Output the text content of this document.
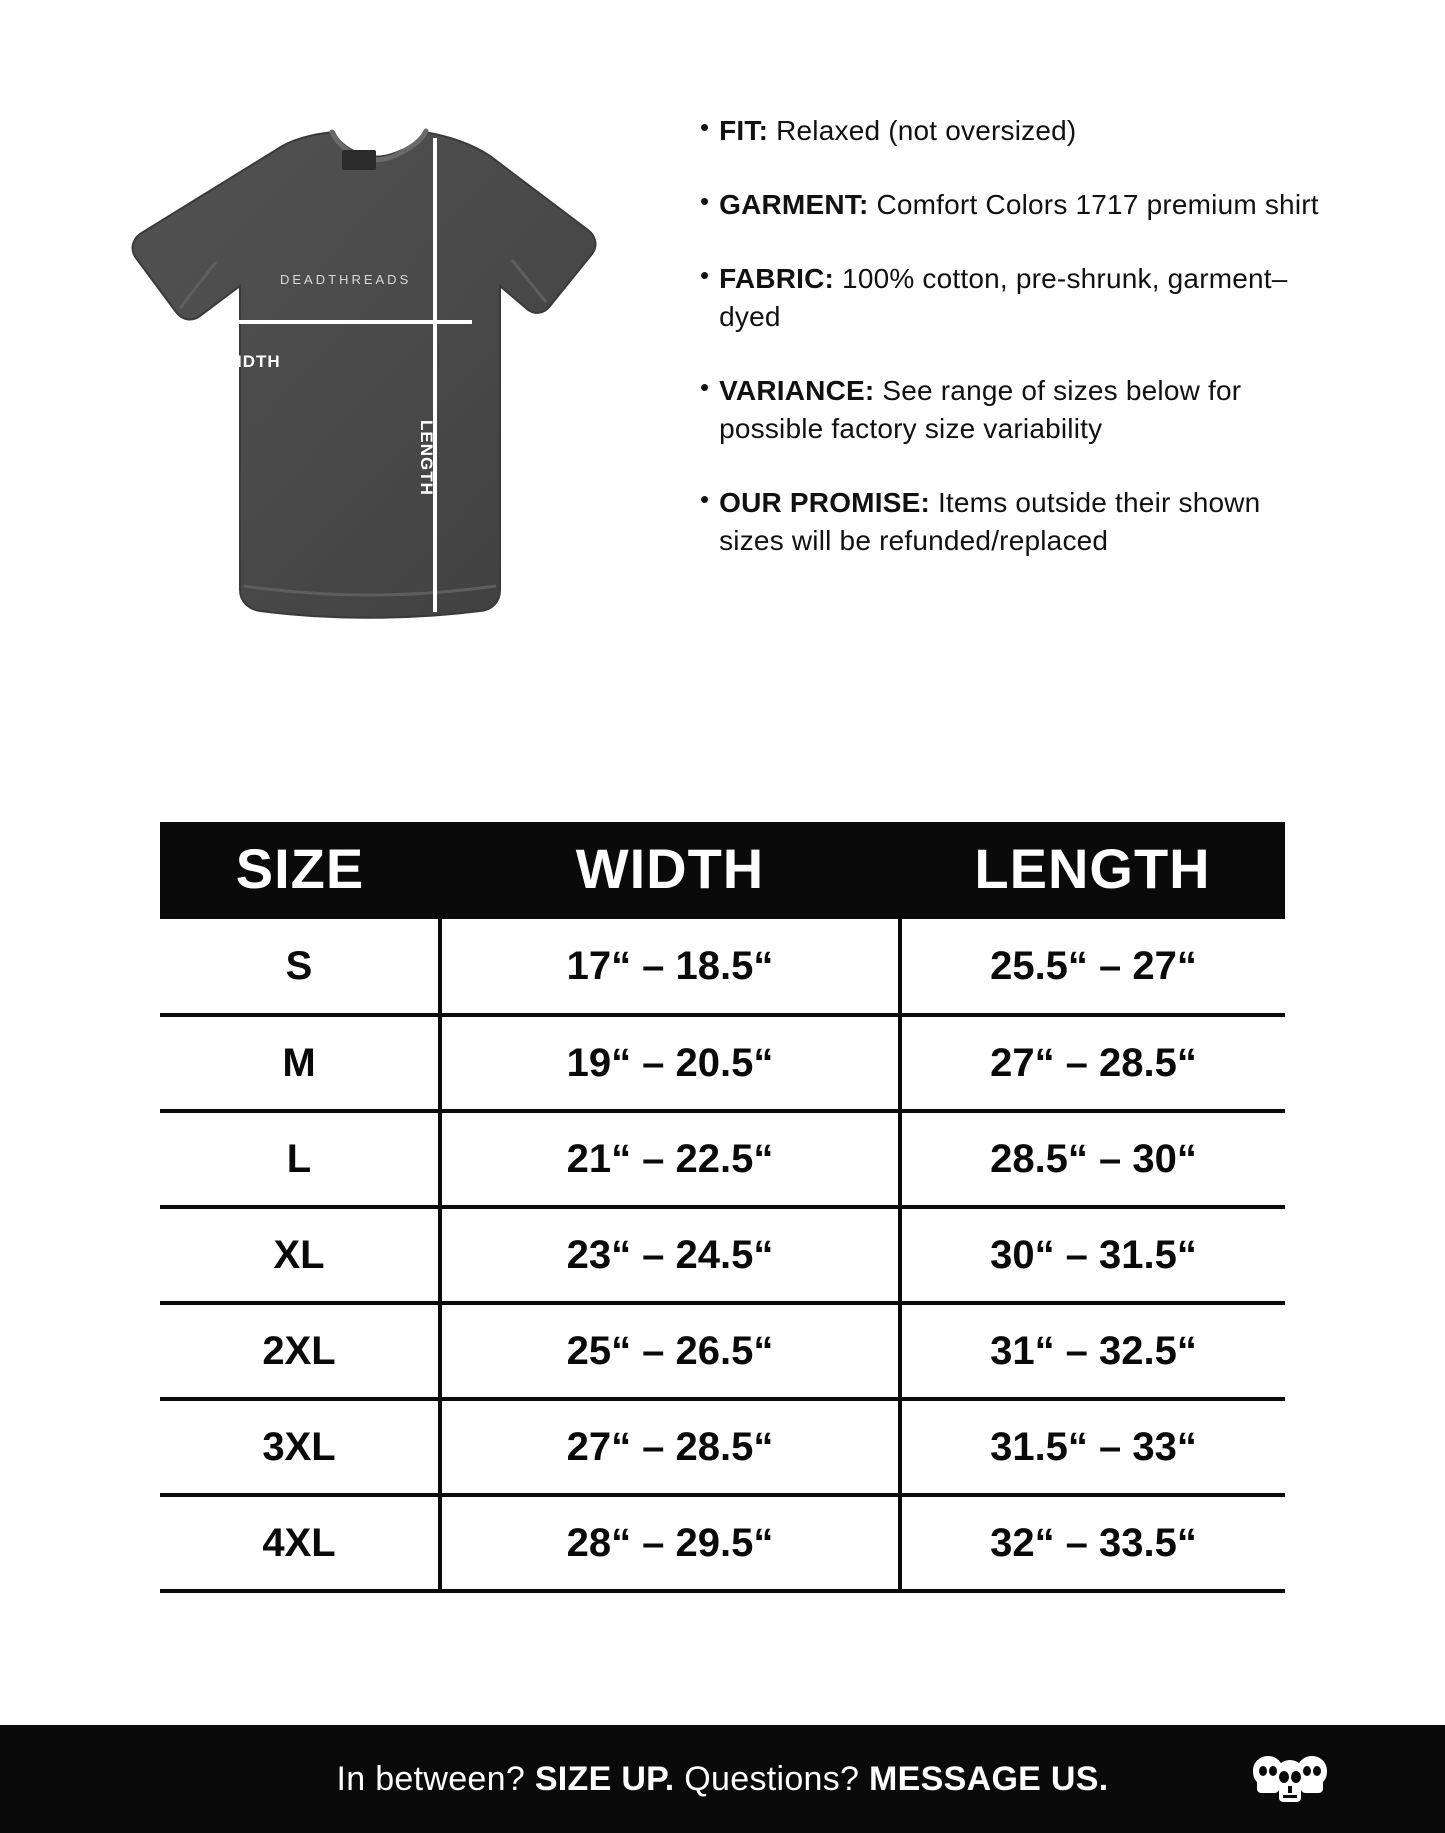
DEADTHREADS
WIDTH
LENGTH
• FIT: Relaxed (not oversized)
• GARMENT: Comfort Colors 1717 premium shirt
• FABRIC: 100% cotton, pre-shrunk, garment–dyed
• VARIANCE: See range of sizes below for possible factory size variability
• OUR PROMISE: Items outside their shown sizes will be refunded/replaced
SIZE	WIDTH	LENGTH
S	17“ – 18.5“	25.5“ – 27“
M	19“ – 20.5“	27“ – 28.5“
L	21“ – 22.5“	28.5“ – 30“
XL	23“ – 24.5“	30“ – 31.5“
2XL	25“ – 26.5“	31“ – 32.5“
3XL	27“ – 28.5“	31.5“ – 33“
4XL	28“ – 29.5“	32“ – 33.5“
In between? SIZE UP. Questions? MESSAGE US.
